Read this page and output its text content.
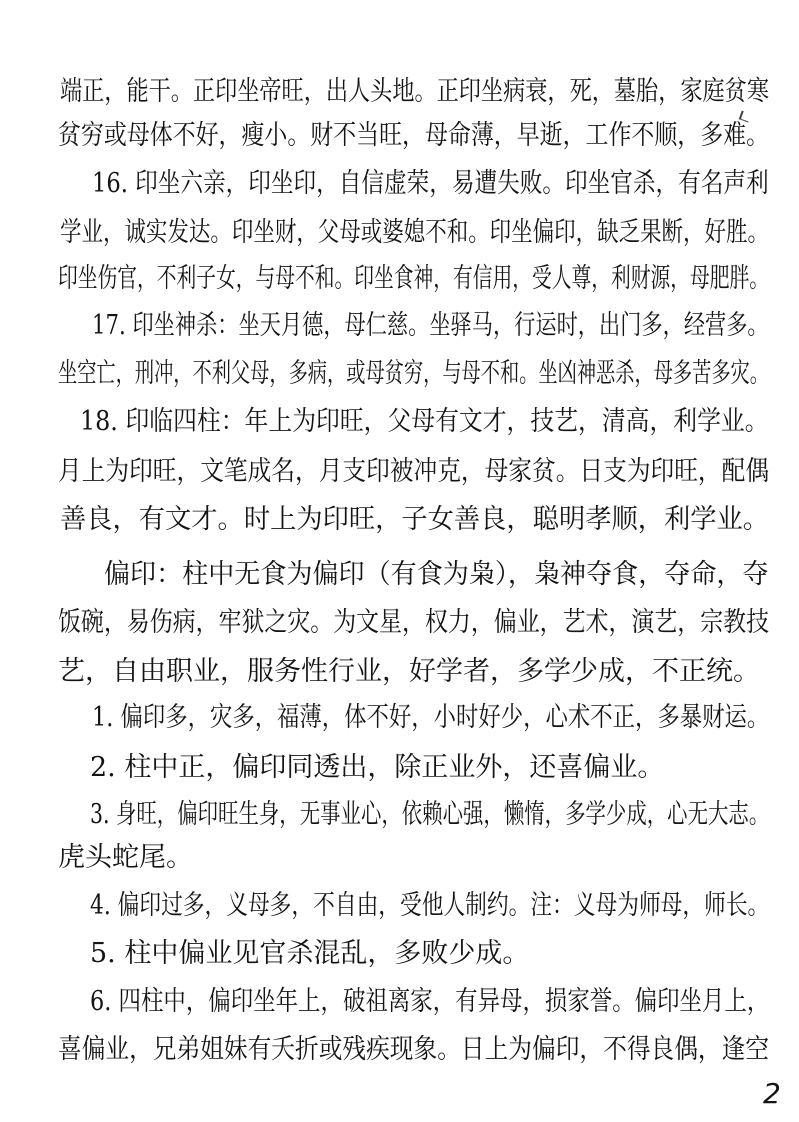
端正，能干。正印坐帝旺，出人头地。正印坐病衰，死，墓胎，家庭贫寒
贫穷或母体不好，瘦小。财不当旺，母命薄，早逝，工作不顺，多难。
16. 印坐六亲，印坐印，自信虚荣，易遭失败。印坐官杀，有名声利
学业，诚实发达。印坐财，父母或婆媳不和。印坐偏印，缺乏果断，好胜。
印坐伤官，不利子女，与母不和。印坐食神，有信用，受人尊，利财源，母肥胖。
17. 印坐神杀：坐天月德，母仁慈。坐驿马，行运时，出门多，经营多。
坐空亡，刑冲，不利父母，多病，或母贫穷，与母不和。坐凶神恶杀，母多苦多灾。
18. 印临四柱：年上为印旺，父母有文才，技艺，清高，利学业。
月上为印旺，文笔成名，月支印被冲克，母家贫。日支为印旺，配偶
善良，有文才。时上为印旺，子女善良，聪明孝顺，利学业。
偏印：柱中无食为偏印（有食为枭），枭神夺食，夺命，夺
饭碗，易伤病，牢狱之灾。为文星，权力，偏业，艺术，演艺，宗教技
艺，自由职业，服务性行业，好学者，多学少成，不正统。
1. 偏印多，灾多，福薄，体不好，小时好少，心术不正，多暴财运。
2. 柱中正，偏印同透出，除正业外，还喜偏业。
3. 身旺，偏印旺生身，无事业心，依赖心强，懒惰，多学少成，心无大志。
虎头蛇尾。
4. 偏印过多，义母多，不自由，受他人制约。注：义母为师母，师长。
5. 柱中偏业见官杀混乱，多败少成。
6. 四柱中，偏印坐年上，破祖离家，有异母，损家誉。偏印坐月上，
喜偏业，兄弟姐妹有夭折或残疾现象。日上为偏印，不得良偶，逢空
2
